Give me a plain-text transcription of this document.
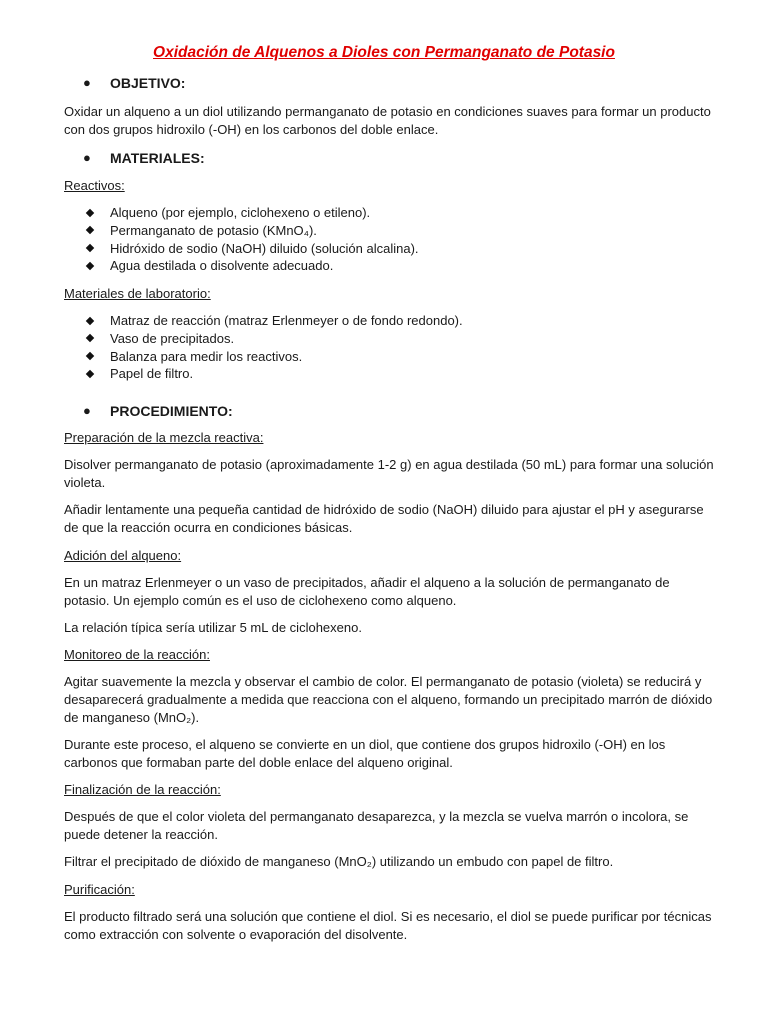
Oxidación de Alquenos a Dioles con Permanganato de Potasio
● OBJETIVO:

Oxidar un alqueno a un diol utilizando permanganato de potasio en condiciones suaves para formar un producto con dos grupos hidroxilo (-OH) en los carbonos del doble enlace.

● MATERIALES:
Reactivos:
Alqueno (por ejemplo, ciclohexeno o etileno).
Permanganato de potasio (KMnO₄).
Hidróxido de sodio (NaOH) diluido (solución alcalina).
Agua destilada o disolvente adecuado.
Materiales de laboratorio:
Matraz de reacción (matraz Erlenmeyer o de fondo redondo).
Vaso de precipitados.
Balanza para medir los reactivos.
Papel de filtro.
● PROCEDIMIENTO:
Preparación de la mezcla reactiva:

Disolver permanganato de potasio (aproximadamente 1-2 g) en agua destilada (50 mL) para formar una solución violeta.

Añadir lentamente una pequeña cantidad de hidróxido de sodio (NaOH) diluido para ajustar el pH y asegurarse de que la reacción ocurra en condiciones básicas.

Adición del alqueno:

En un matraz Erlenmeyer o un vaso de precipitados, añadir el alqueno a la solución de permanganato de potasio. Un ejemplo común es el uso de ciclohexeno como alqueno.

La relación típica sería utilizar 5 mL de ciclohexeno.

Monitoreo de la reacción:

Agitar suavemente la mezcla y observar el cambio de color. El permanganato de potasio (violeta) se reducirá y desaparecerá gradualmente a medida que reacciona con el alqueno, formando un precipitado marrón de dióxido de manganeso (MnO₂).

Durante este proceso, el alqueno se convierte en un diol, que contiene dos grupos hidroxilo (-OH) en los carbonos que formaban parte del doble enlace del alqueno original.

Finalización de la reacción:

Después de que el color violeta del permanganato desaparezca, y la mezcla se vuelva marrón o incolora, se puede detener la reacción.

Filtrar el precipitado de dióxido de manganeso (MnO₂) utilizando un embudo con papel de filtro.

Purificación:

El producto filtrado será una solución que contiene el diol. Si es necesario, el diol se puede purificar por técnicas como extracción con solvente o evaporación del disolvente.
